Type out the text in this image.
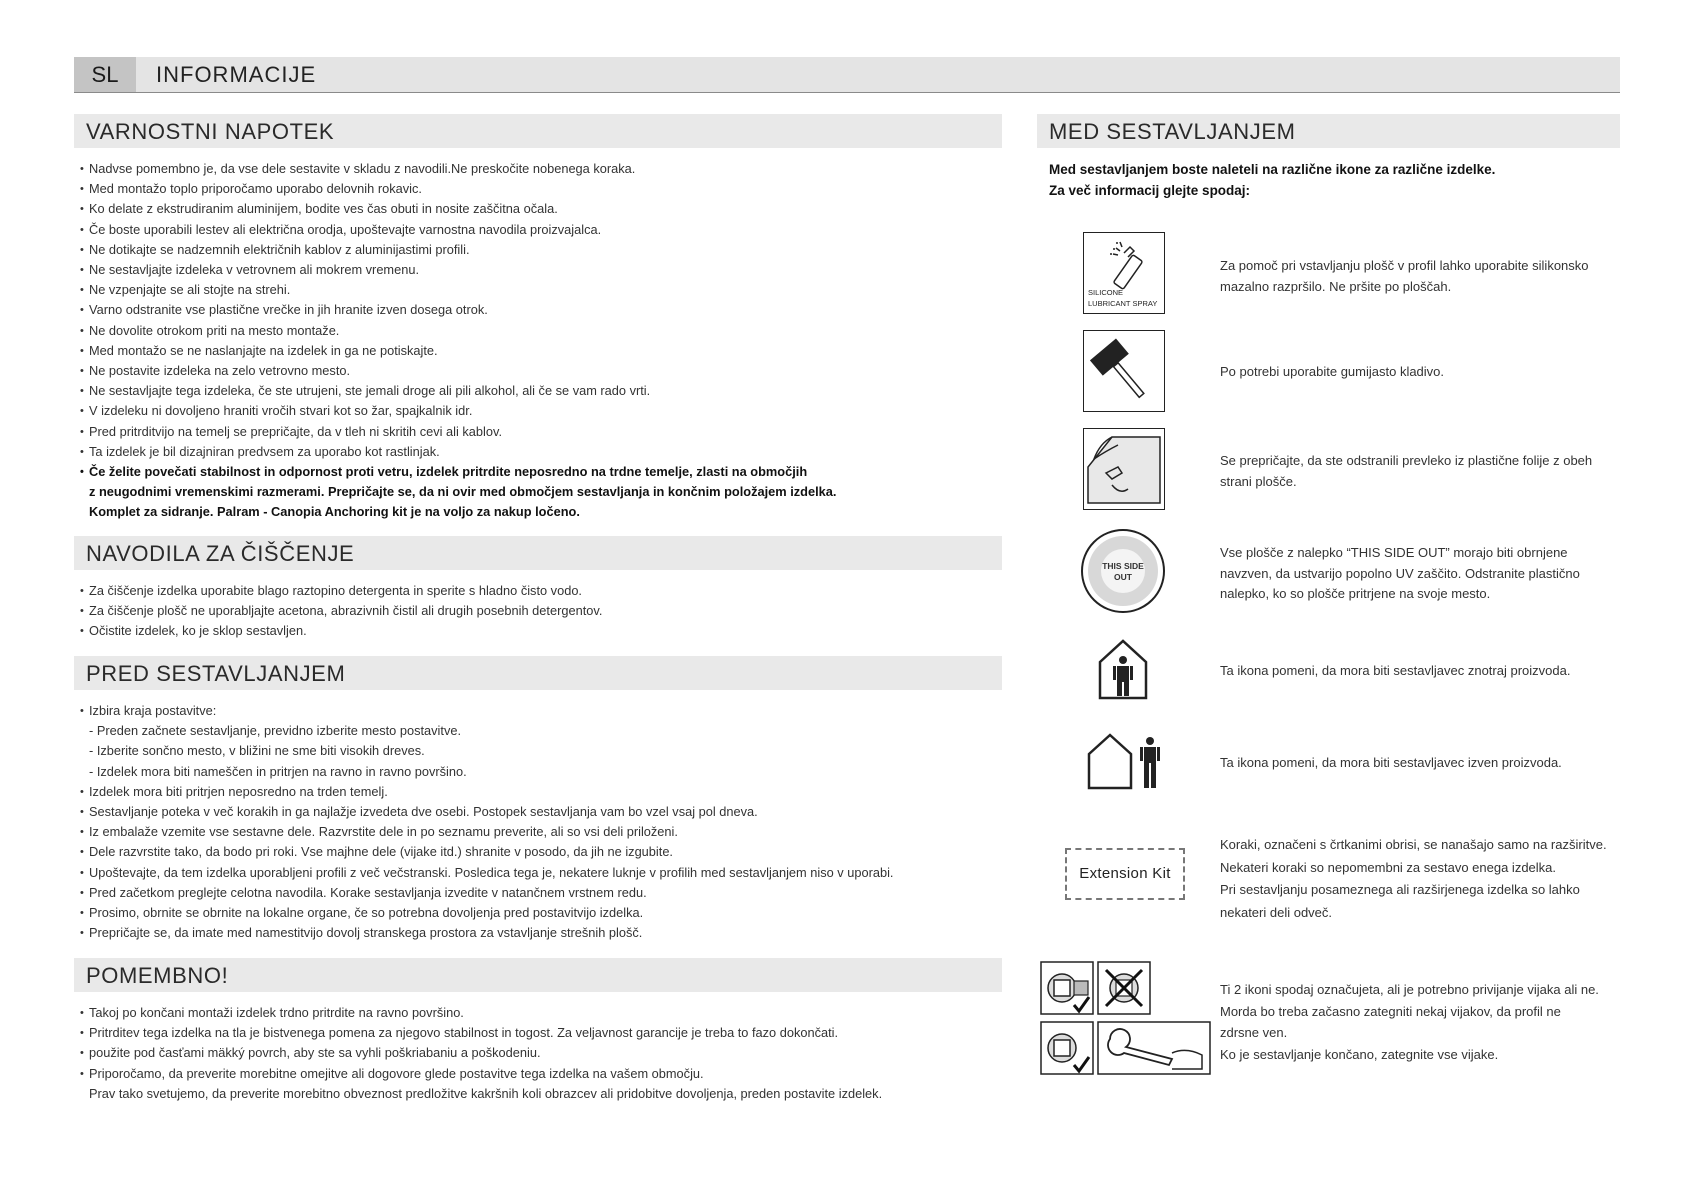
SL	INFORMACIJE
VARNOSTNI NAPOTEK
• Nadvse pomembno je, da vse dele sestavite v skladu z navodili.Ne preskočite nobenega koraka.
• Med montažo toplo priporočamo uporabo delovnih rokavic.
• Ko delate z ekstrudiranim aluminijem, bodite ves čas obuti in nosite zaščitna očala.
• Če boste uporabili lestev ali električna orodja, upoštevajte varnostna navodila proizvajalca.
• Ne dotikajte se nadzemnih električnih kablov z aluminijastimi profili.
• Ne sestavljajte izdeleka v vetrovnem ali mokrem vremenu.
• Ne vzpenjajte se ali stojte na strehi.
• Varno odstranite vse plastične vrečke in jih hranite izven dosega otrok.
• Ne dovolite otrokom priti na mesto montaže.
• Med montažo se ne naslanjajte na izdelek in ga ne potiskajte.
• Ne postavite izdeleka na zelo vetrovno mesto.
• Ne sestavljajte tega izdeleka, če ste utrujeni, ste jemali droge ali pili alkohol, ali če se vam rado vrti.
• V izdeleku ni dovoljeno hraniti vročih stvari kot so žar, spajkalnik idr.
• Pred pritrditvijo na temelj se prepričajte, da v tleh ni skritih cevi ali kablov.
• Ta izdelek je bil dizajniran predvsem za uporabo kot rastlinjak.
• Če želite povečati stabilnost in odpornost proti vetru, izdelek pritrdite neposredno na trdne temelje, zlasti na območjih
z neugodnimi vremenskimi razmerami. Prepričajte se, da ni ovir med območjem sestavljanja in končnim položajem izdelka.
Komplet za sidranje. Palram - Canopia Anchoring kit je na voljo za nakup ločeno.
NAVODILA ZA ČIŠČENJE
• Za čiščenje izdelka uporabite blago raztopino detergenta in sperite s hladno čisto vodo.
• Za čiščenje plošč ne uporabljajte acetona, abrazivnih čistil ali drugih posebnih detergentov.
• Očistite izdelek, ko je sklop sestavljen.
PRED SESTAVLJANJEM
• Izbira kraja postavitve:
- Preden začnete sestavljanje, previdno izberite mesto postavitve.
- Izberite sončno mesto, v bližini ne sme biti visokih dreves.
- Izdelek mora biti nameščen in pritrjen na ravno in ravno površino.
• Izdelek mora biti pritrjen neposredno na trden temelj.
• Sestavljanje poteka v več korakih in ga najlažje izvedeta dve osebi. Postopek sestavljanja vam bo vzel vsaj pol dneva.
• Iz embalaže vzemite vse sestavne dele. Razvrstite dele in po seznamu preverite, ali so vsi deli priloženi.
• Dele razvrstite tako, da bodo pri roki. Vse majhne dele (vijake itd.) shranite v posodo, da jih ne izgubite.
• Upoštevajte, da tem izdelka uporabljeni profili z več večstranski. Posledica tega je, nekatere luknje v profilih med sestavljanjem niso v uporabi.
• Pred začetkom preglejte celotna navodila. Korake sestavljanja izvedite v natančnem vrstnem redu.
• Prosimo, obrnite se obrnite na lokalne organe, če so potrebna dovoljenja pred postavitvijo izdelka.
• Prepričajte se, da imate med namestitvijo dovolj stranskega prostora za vstavljanje strešnih plošč.
POMEMBNO!
• Takoj po končani montaži izdelek trdno pritrdite na ravno površino.
• Pritrditev tega izdelka na tla je bistvenega pomena za njegovo stabilnost in togost. Za veljavnost garancije je treba to fazo dokončati.
• použite pod časťami mäkký povrch, aby ste sa vyhli poškriabaniu a poškodeniu.
• Priporočamo, da preverite morebitne omejitve ali dogovore glede postavitve tega izdelka na vašem območju.
Prav tako svetujemo, da preverite morebitno obveznost predložitve kakršnih koli obrazcev ali pridobitve dovoljenja, preden postavite izdelek.
MED SESTAVLJANJEM
Med sestavljanjem boste naleteli na različne ikone za različne izdelke.
Za več informacij glejte spodaj:
SILICONE
LUBRICANT SPRAY
Za pomoč pri vstavljanju plošč v profil lahko uporabite silikonsko
mazalno razpršilo. Ne pršite po ploščah.
Po potrebi uporabite gumijasto kladivo.
Se prepričajte, da ste odstranili prevleko iz plastične folije z obeh
strani plošče.
THIS SIDE
OUT
Vse plošče z nalepko “THIS SIDE OUT” morajo biti obrnjene
navzven, da ustvarijo popolno UV zaščito. Odstranite plastično
nalepko, ko so plošče pritrjene na svoje mesto.
Ta ikona pomeni, da mora biti sestavljavec znotraj proizvoda.
Ta ikona pomeni, da mora biti sestavljavec izven proizvoda.
Extension Kit
Koraki, označeni s črtkanimi obrisi, se nanašajo samo na razširitve.
Nekateri koraki so nepomembni za sestavo enega izdelka.
Pri sestavljanju posameznega ali razširjenega izdelka so lahko
nekateri deli odveč.
Ti 2 ikoni spodaj označujeta, ali je potrebno privijanje vijaka ali ne.
Morda bo treba začasno zategniti nekaj vijakov, da profil ne
zdrsne ven.
Ko je sestavljanje končano, zategnite vse vijake.
